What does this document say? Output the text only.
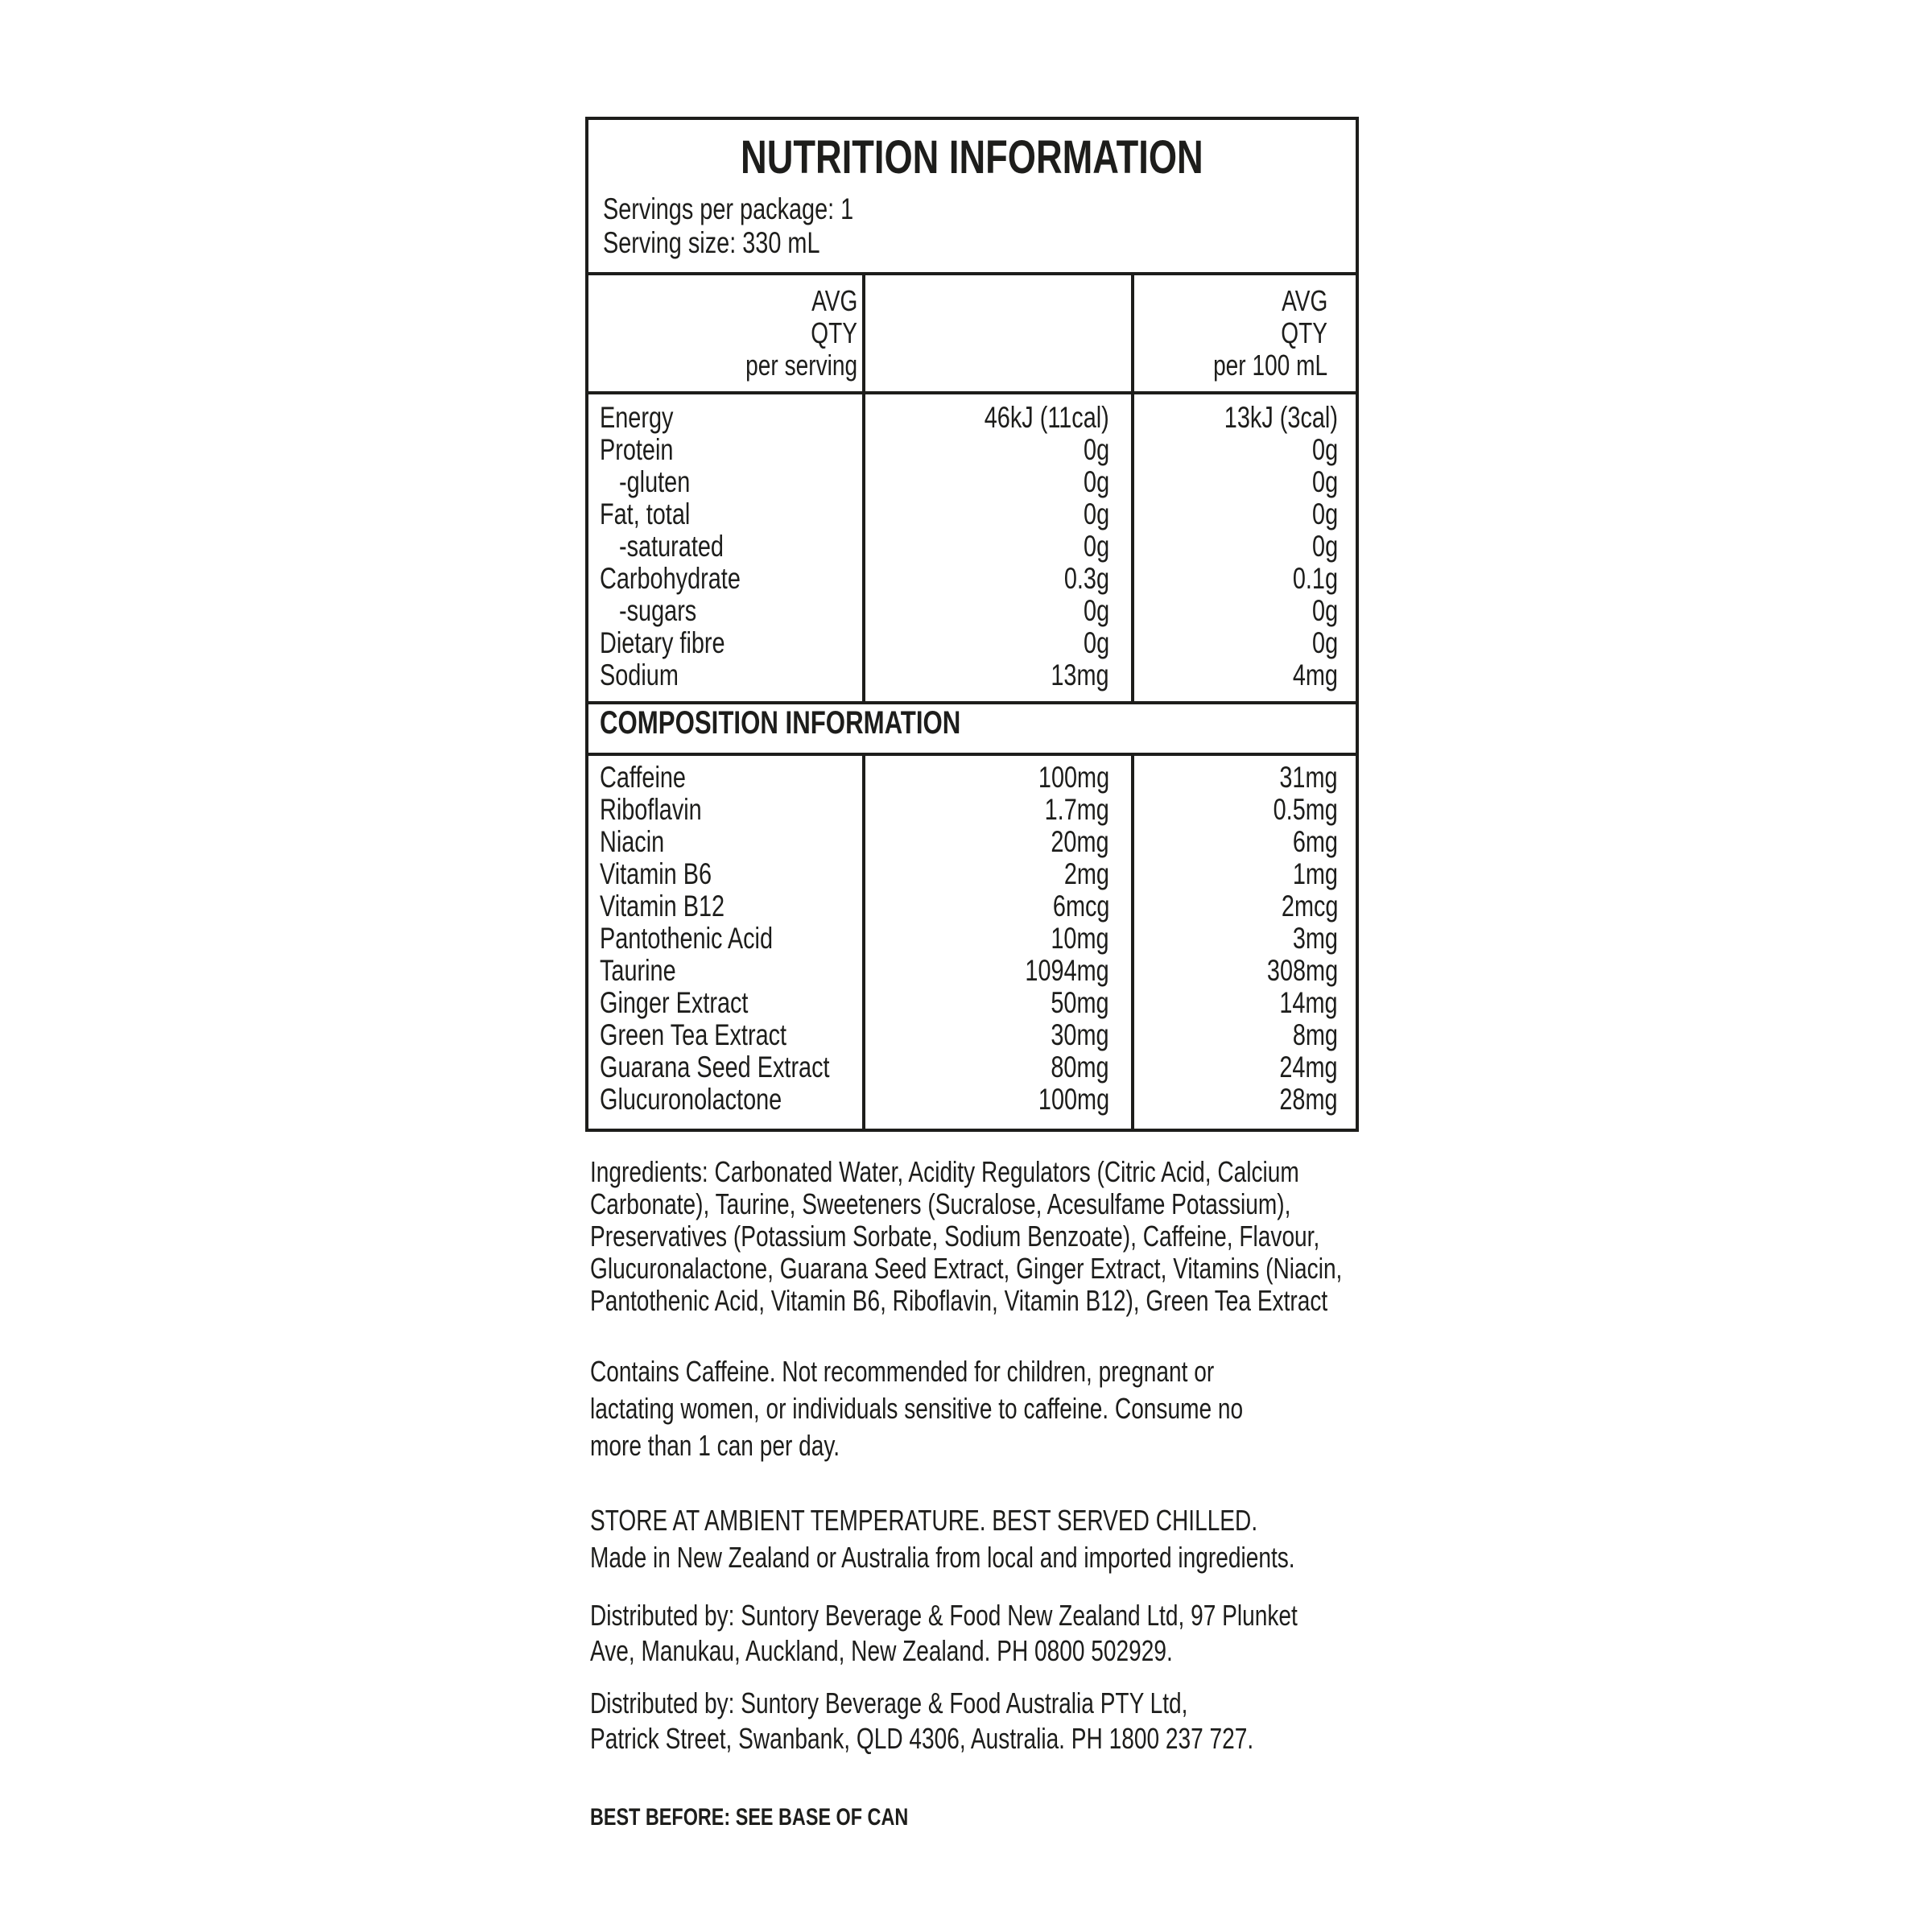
NUTRITION INFORMATION
Servings per package: 1
Serving size: 330 mL
AVG
QTY
per serving
AVG
QTY
per 100 mL
Energy	46kJ (11cal)	13kJ (3cal)
Protein	0g	0g
-gluten	0g	0g
Fat, total	0g	0g
-saturated	0g	0g
Carbohydrate	0.3g	0.1g
-sugars	0g	0g
Dietary fibre	0g	0g
Sodium	13mg	4mg
COMPOSITION INFORMATION
Caffeine	100mg	31mg
Riboflavin	1.7mg	0.5mg
Niacin	20mg	6mg
Vitamin B6	2mg	1mg
Vitamin B12	6mcg	2mcg
Pantothenic Acid	10mg	3mg
Taurine	1094mg	308mg
Ginger Extract	50mg	14mg
Green Tea Extract	30mg	8mg
Guarana Seed Extract	80mg	24mg
Glucuronolactone	100mg	28mg
Ingredients: Carbonated Water, Acidity Regulators (Citric Acid, Calcium
Carbonate), Taurine, Sweeteners (Sucralose, Acesulfame Potassium),
Preservatives (Potassium Sorbate, Sodium Benzoate), Caffeine, Flavour,
Glucuronalactone, Guarana Seed Extract, Ginger Extract, Vitamins (Niacin,
Pantothenic Acid, Vitamin B6, Riboflavin, Vitamin B12), Green Tea Extract
Contains Caffeine. Not recommended for children, pregnant or
lactating women, or individuals sensitive to caffeine. Consume no
more than 1 can per day.
STORE AT AMBIENT TEMPERATURE. BEST SERVED CHILLED.
Made in New Zealand or Australia from local and imported ingredients.
Distributed by: Suntory Beverage & Food New Zealand Ltd, 97 Plunket
Ave, Manukau, Auckland, New Zealand. PH 0800 502929.
Distributed by: Suntory Beverage & Food Australia PTY Ltd,
Patrick Street, Swanbank, QLD 4306, Australia. PH 1800 237 727.
BEST BEFORE: SEE BASE OF CAN
